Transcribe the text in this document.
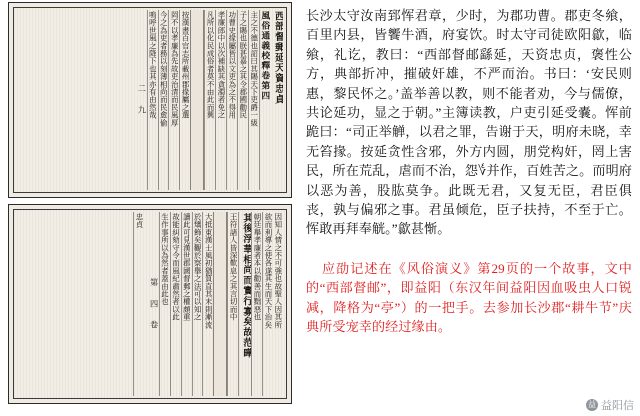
西部督郵延天資忠貞
風俗通義校釋卷第四
主之不德也詔曰其賜天下吏爵一級
子之賜也朕甚嘉之其令郡國勸民
功曹史掾屬皆以文吏為之不得用
孝廉郎中以次補缺其貪濁者免之
凡所以化民成俗者莫不由此而興
按漢書百官志所載州郡掾屬之選
罔不以孝廉為先故吏治清而民風厚
今之為吏者務以刻薄相尚而民愈偷
嗚呼世風之降下也其亦有由然哉
二 九
因知人情之不可強也故聖人因其所
欲而利導之使各遂其生而天下治矣
朝廷舉孝廉者本以勸善而黜惡也
其後浮華相尚而實行寡矣故范曄
王符諸人皆深歎息之其言切而中
大抵東漢士風初猶質直其末則漸流
於矯飾矣觀於察舉之法可以知之
讀此可見漢世郡國督郵之權頗重
故能糾劾守令而風紀肅然者以此
生作事所以為然者蓋由此也
第 四 卷
忠貞

长沙太守汝南郅恽君章，少时，为郡功曹。郡吏冬飨，百里内县，皆饗牛酒，府宴饮。时太守司徒欧阳歙，临飨，礼讫，教曰：“西部督邮繇延，天资忠贞，褒性公方，典部折冲，摧破奸雄，不严而治。书曰：‘安民则惠，黎民怀之。’盖举善以教，则不能者劝，今与儒僚，共论延功，显之于朝。”主簿读教，户吏引延受嚢。恽前跪曰：“司正举觯，以君之罪，告谢于天，明府未晓，幸无笞掾。按延贪性含邪，外方内圆，朋党构奸，罔上害民，所在荒乱，虐而不治，怨؇并作，百姓苦之。而明府以恶为善，股肱莫争。此既无君，又复无臣，君臣俱丧，孰与偏邪之事。君虽倾危，臣子扶持，不至于亡。恽敢再拜奉觥。”歙甚惭。

应劭记述在《风俗演义》第29页的一个故事，文中的“西部督邮”，即益阳（东汉年间益阳因血吸虫人口锐减，降格为“亭”）的一把手。去参加长沙郡“耕牛节”庆典所受宠幸的经过缘由。

益 益阳信
